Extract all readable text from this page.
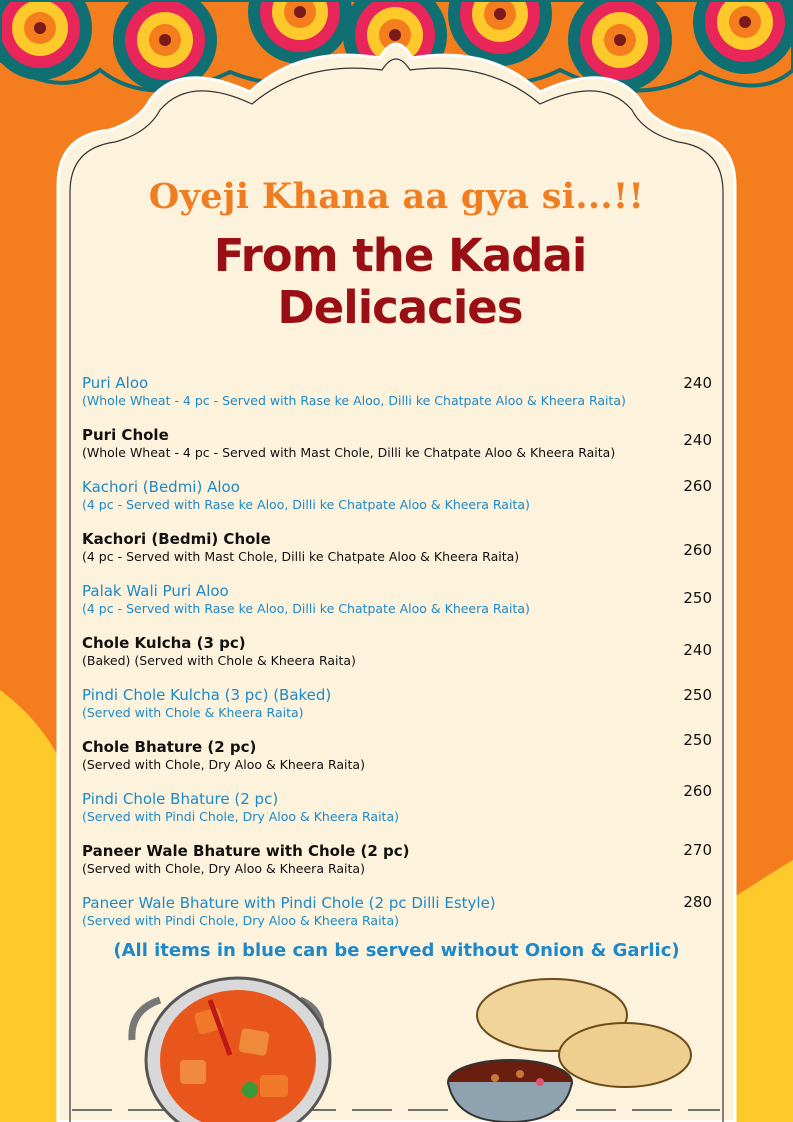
Oyeji Khana aa gya si...!!
From the Kadai
Delicacies
Puri Aloo
(Whole Wheat - 4 pc - Served with Rase ke Aloo, Dilli ke Chatpate Aloo & Kheera Raita)
240
Puri Chole
(Whole Wheat - 4 pc - Served with Mast Chole, Dilli ke Chatpate Aloo & Kheera Raita)
240
Kachori (Bedmi) Aloo
(4 pc - Served with Rase ke Aloo, Dilli ke Chatpate Aloo & Kheera Raita)
260
Kachori (Bedmi) Chole
(4 pc - Served with Mast Chole, Dilli ke Chatpate Aloo & Kheera Raita)	260
Palak Wali Puri Aloo
(4 pc - Served with Rase ke Aloo, Dilli ke Chatpate Aloo & Kheera Raita)
250
Chole Kulcha (3 pc)
(Baked) (Served with Chole & Kheera Raita)
240
Pindi Chole Kulcha (3 pc) (Baked)
(Served with Chole & Kheera Raita)
250
Chole Bhature (2 pc)
(Served with Chole, Dry Aloo & Kheera Raita)
250
Pindi Chole Bhature (2 pc)
(Served with Pindi Chole, Dry Aloo & Kheera Raita)
260
Paneer Wale Bhature with Chole (2 pc)
(Served with Chole, Dry Aloo & Kheera Raita)
270
Paneer Wale Bhature with Pindi Chole (2 pc Dilli Estyle)
(Served with Pindi Chole, Dry Aloo & Kheera Raita)
280
(All items in blue can be served without Onion & Garlic)
